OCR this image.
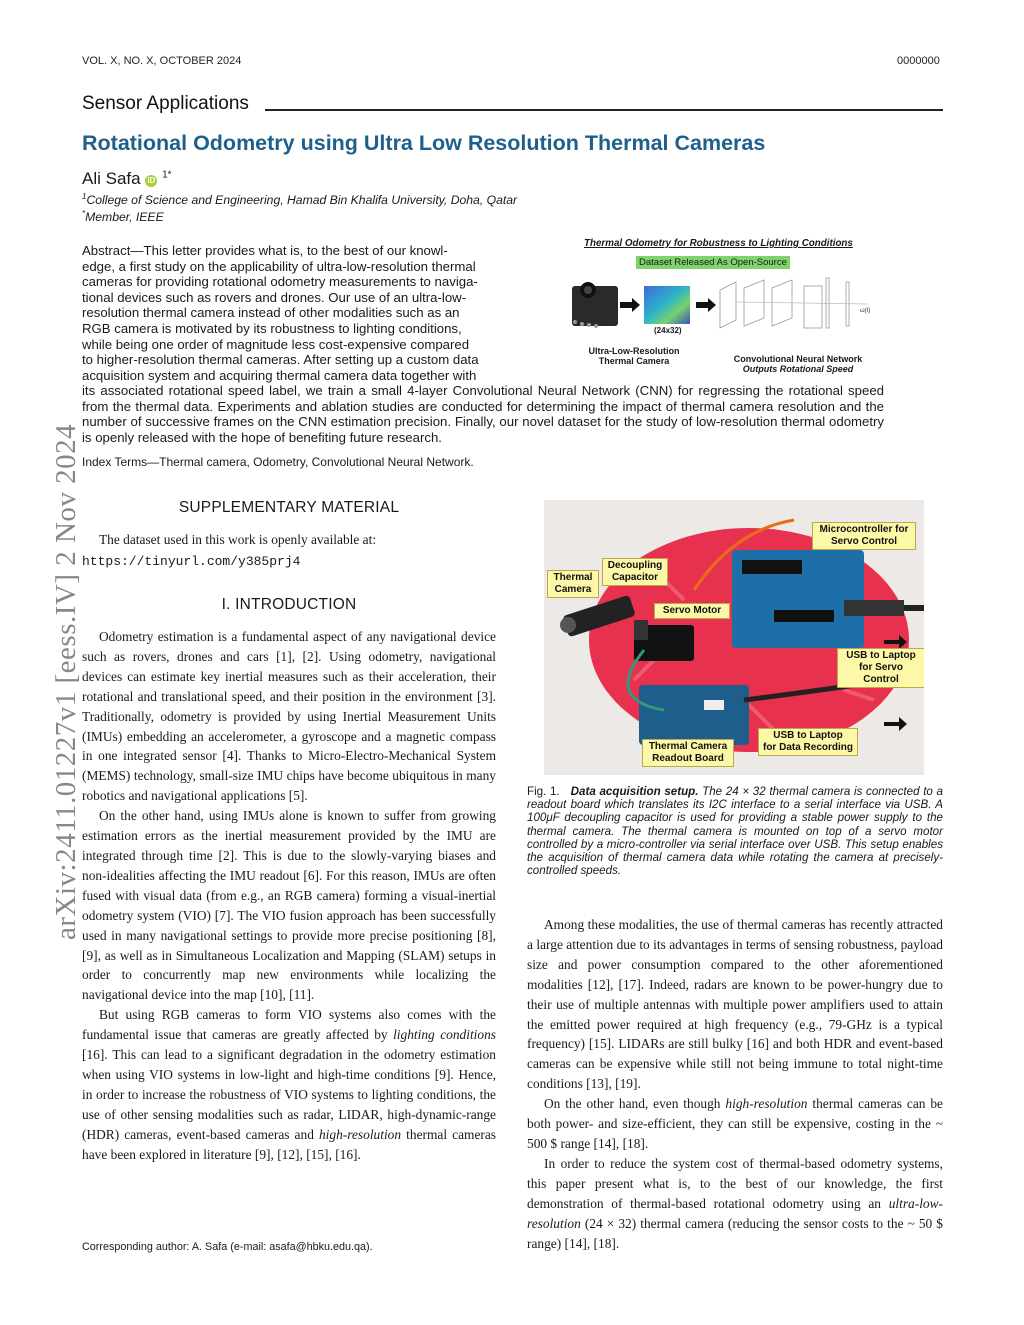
VOL. X, NO. X, OCTOBER 2024	0000000
Sensor Applications
Rotational Odometry using Ultra Low Resolution Thermal Cameras
Ali Safa iD $^{1*}$
$^1$College of Science and Engineering, Hamad Bin Khalifa University, Doha, Qatar
*Member, IEEE
arXiv:2411.01227v1 [eess.IV] 2 Nov 2024
Abstract—This letter provides what is, to the best of our knowl-
edge, a first study on the applicability of ultra-low-resolution thermal
cameras for providing rotational odometry measurements to naviga-
tional devices such as rovers and drones. Our use of an ultra-low-
resolution thermal camera instead of other modalities such as an
RGB camera is motivated by its robustness to lighting conditions,
while being one order of magnitude less cost-expensive compared
to higher-resolution thermal cameras. After setting up a custom data
acquisition system and acquiring thermal camera data together with
its associated rotational speed label, we train a small 4-layer Convolutional Neural Network (CNN) for regressing the rotational speed from the thermal data. Experiments and ablation studies are conducted for determining the impact of thermal camera resolution and the number of successive frames on the CNN estimation precision. Finally, our novel dataset for the study of low-resolution thermal odometry is openly released with the hope of benefiting future research.
Thermal Odometry for Robustness to Lighting Conditions
Dataset Released As Open-Source
ω(t)
(24x32)
Ultra-Low-Resolution
Thermal Camera	Convolutional Neural Network
Outputs Rotational Speed
Index Terms—Thermal camera, Odometry, Convolutional Neural Network.
SUPPLEMENTARY MATERIAL

The dataset used in this work is openly available at:

https://tinyurl.com/y385prj4
I. INTRODUCTION

Odometry estimation is a fundamental aspect of any navigational device such as rovers, drones and cars [1], [2]. Using odometry, navigational devices can estimate key inertial measures such as their acceleration, their rotational and translational speed, and their position in the environment [3]. Traditionally, odometry is provided by using Inertial Measurement Units (IMUs) embedding an accelerometer, a gyroscope and a magnetic compass in one integrated sensor [4]. Thanks to Micro-Electro-Mechanical System (MEMS) technology, small-size IMU chips have become ubiquitous in many robotics and navigational applications [5].

On the other hand, using IMUs alone is known to suffer from growing estimation errors as the inertial measurement provided by the IMU are integrated through time [2]. This is due to the slowly-varying biases and non-idealities affecting the IMU readout [6]. For this reason, IMUs are often fused with visual data (from e.g., an RGB camera) forming a visual-inertial odometry system (VIO) [7]. The VIO fusion approach has been successfully used in many navigational settings to provide more precise positioning [8], [9], as well as in Simultaneous Localization and Mapping (SLAM) setups in order to concurrently map new environments while localizing the navigational device into the map [10], [11].

But using RGB cameras to form VIO systems also comes with the fundamental issue that cameras are greatly affected by lighting conditions [16]. This can lead to a significant degradation in the odometry estimation when using VIO systems in low-light and high-time conditions [9]. Hence, in order to increase the robustness of VIO systems to lighting conditions, the use of other sensing modalities such as radar, LIDAR, high-dynamic-range (HDR) cameras, event-based cameras and high-resolution thermal cameras have been explored in literature [9], [12], [15], [16].

Corresponding author: A. Safa (e-mail: asafa@hbku.edu.qa).
Microcontroller for
Servo Control
Decoupling
Capacitor
Thermal
Camera
Servo Motor
USB to Laptop
for Servo Control
USB to Laptop
for Data Recording
Thermal Camera
Readout Board
Fig. 1. Data acquisition setup. The 24 × 32 thermal camera is connected to a readout board which translates its I2C interface to a serial interface via USB. A 100μF decoupling capacitor is used for providing a stable power supply to the thermal camera. The thermal camera is mounted on top of a servo motor controlled by a micro-controller via serial interface over USB. This setup enables the acquisition of thermal camera data while rotating the camera at precisely-controlled speeds.

Among these modalities, the use of thermal cameras has recently attracted a large attention due to its advantages in terms of sensing robustness, payload size and power consumption compared to the other aforementioned modalities [12], [17]. Indeed, radars are known to be power-hungry due to their use of multiple antennas with multiple power amplifiers used to attain the emitted power required at high frequency (e.g., 79-GHz is a typical frequency) [15]. LIDARs are still bulky [16] and both HDR and event-based cameras can be expensive while still not being immune to total night-time conditions [13], [19].

On the other hand, even though high-resolution thermal cameras can be both power- and size-efficient, they can still be expensive, costing in the ~ 500 $ range [14], [18].

In order to reduce the system cost of thermal-based odometry systems, this paper present what is, to the best of our knowledge, the first demonstration of thermal-based rotational odometry using an ultra-low-resolution (24 × 32) thermal camera (reducing the sensor costs to the ~ 50 $ range) [14], [18].
